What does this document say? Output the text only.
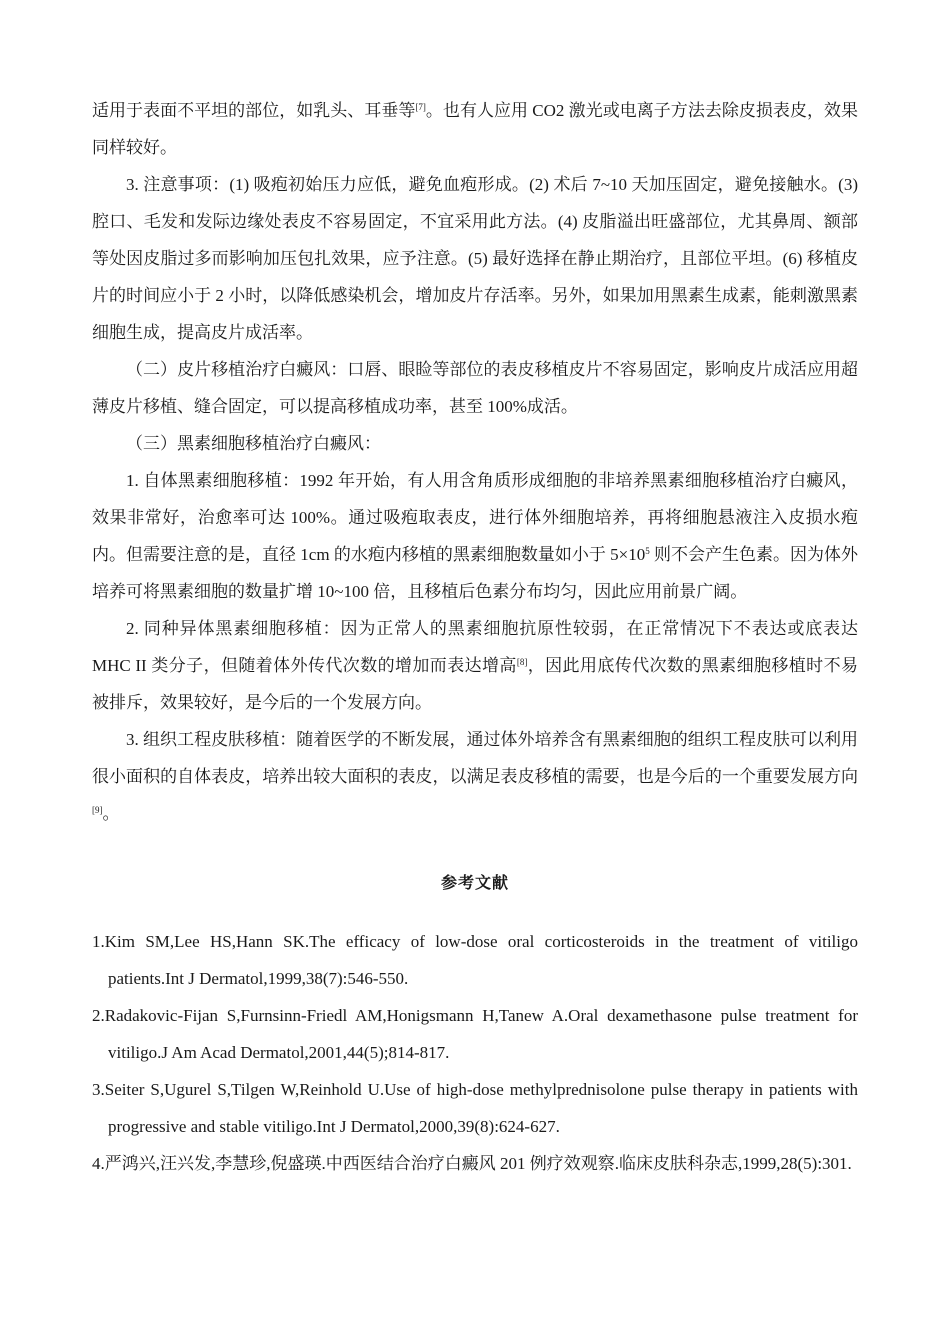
适用于表面不平坦的部位，如乳头、耳垂等[7]。也有人应用 CO2 激光或电离子方法去除皮损表皮，效果同样较好。

3. 注意事项：(1) 吸疱初始压力应低，避免血疱形成。(2) 术后 7~10 天加压固定，避免接触水。(3) 腔口、毛发和发际边缘处表皮不容易固定，不宜采用此方法。(4) 皮脂溢出旺盛部位，尤其鼻周、额部等处因皮脂过多而影响加压包扎效果，应予注意。(5) 最好选择在静止期治疗，且部位平坦。(6) 移植皮片的时间应小于 2 小时，以降低感染机会，增加皮片存活率。另外，如果加用黑素生成素，能刺激黑素细胞生成，提高皮片成活率。

（二）皮片移植治疗白癜风：口唇、眼睑等部位的表皮移植皮片不容易固定，影响皮片成活应用超薄皮片移植、缝合固定，可以提高移植成功率，甚至 100%成活。

（三）黑素细胞移植治疗白癜风：

1. 自体黑素细胞移植：1992 年开始，有人用含角质形成细胞的非培养黑素细胞移植治疗白癜风，效果非常好，治愈率可达 100%。通过吸疱取表皮，进行体外细胞培养，再将细胞悬液注入皮损水疱内。但需要注意的是，直径 1cm 的水疱内移植的黑素细胞数量如小于 $5\times 10^5$ 则不会产生色素。因为体外培养可将黑素细胞的数量扩增 10~100 倍，且移植后色素分布均匀，因此应用前景广阔。

2. 同种异体黑素细胞移植：因为正常人的黑素细胞抗原性较弱，在正常情况下不表达或底表达 MHC II 类分子，但随着体外传代次数的增加而表达增高[8]，因此用底传代次数的黑素细胞移植时不易被排斥，效果较好，是今后的一个发展方向。

3. 组织工程皮肤移植：随着医学的不断发展，通过体外培养含有黑素细胞的组织工程皮肤可以利用很小面积的自体表皮，培养出较大面积的表皮，以满足表皮移植的需要，也是今后的一个重要发展方向[9]。

参考文献

1.Kim SM,Lee HS,Hann SK.The efficacy of low-dose oral corticosteroids in the treatment of vitiligo patients.Int J Dermatol,1999,38(7):546-550.

2.Radakovic-Fijan S,Furnsinn-Friedl AM,Honigsmann H,Tanew A.Oral dexamethasone pulse treatment for vitiligo.J Am Acad Dermatol,2001,44(5);814-817.

3.Seiter S,Ugurel S,Tilgen W,Reinhold U.Use of high-dose methylprednisolone pulse therapy in patients with progressive and stable vitiligo.Int J Dermatol,2000,39(8):624-627.

4.严鸿兴,汪兴发,李慧珍,倪盛瑛.中西医结合治疗白癜风 201 例疗效观察.临床皮肤科杂志,1999,28(5):301.
